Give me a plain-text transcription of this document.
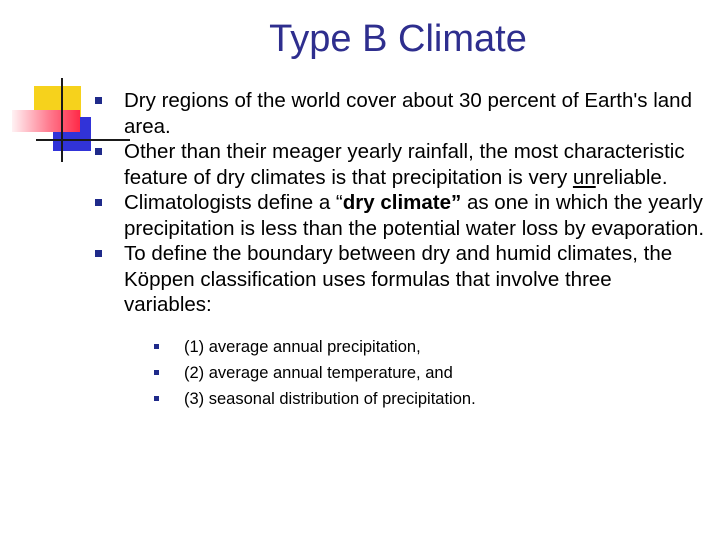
Type B Climate
Dry regions of the world cover about 30 percent of Earth's land area.
Other than their meager yearly rainfall, the most characteristic feature of dry climates is that precipitation is very unreliable.
Climatologists define a “dry climate” as one in which the yearly precipitation is less than the potential water loss by evaporation.
To define the boundary between dry and humid climates, the Köppen classification uses formulas that involve three variables:
(1) average annual precipitation,
(2) average annual temperature, and
(3) seasonal distribution of precipitation.
